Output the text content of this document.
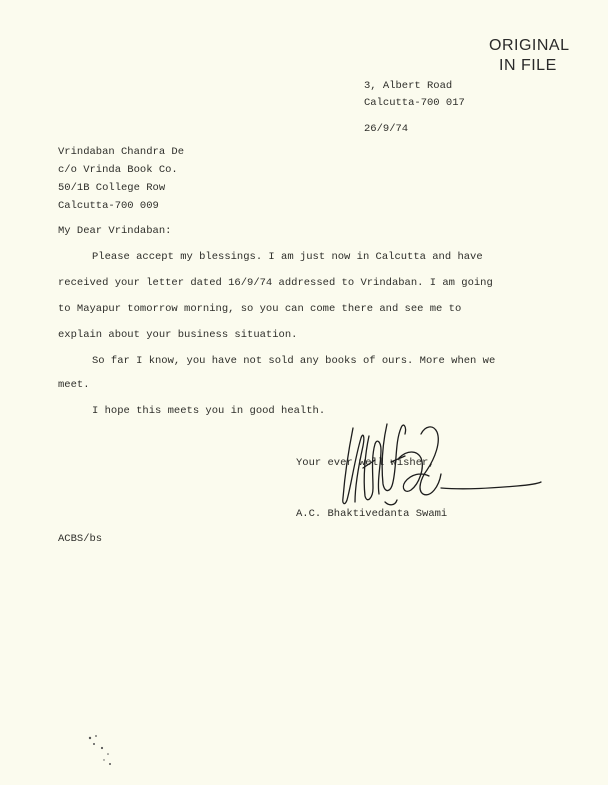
ORIGINAL
IN FILE
3, Albert Road
Calcutta-700 017
26/9/74
Vrindaban Chandra De
c/o Vrinda Book Co.
50/1B College Row
Calcutta-700 009
My Dear Vrindaban:
Please accept my blessings. I am just now in Calcutta and have
received your letter dated 16/9/74 addressed to Vrindaban. I am going
to Mayapur tomorrow morning, so you can come there and see me to
explain about your business situation.
So far I know, you have not sold any books of ours. More when we
meet.
I hope this meets you in good health.
Your ever well wisher,
A.C. Bhaktivedanta Swami
ACBS/bs
